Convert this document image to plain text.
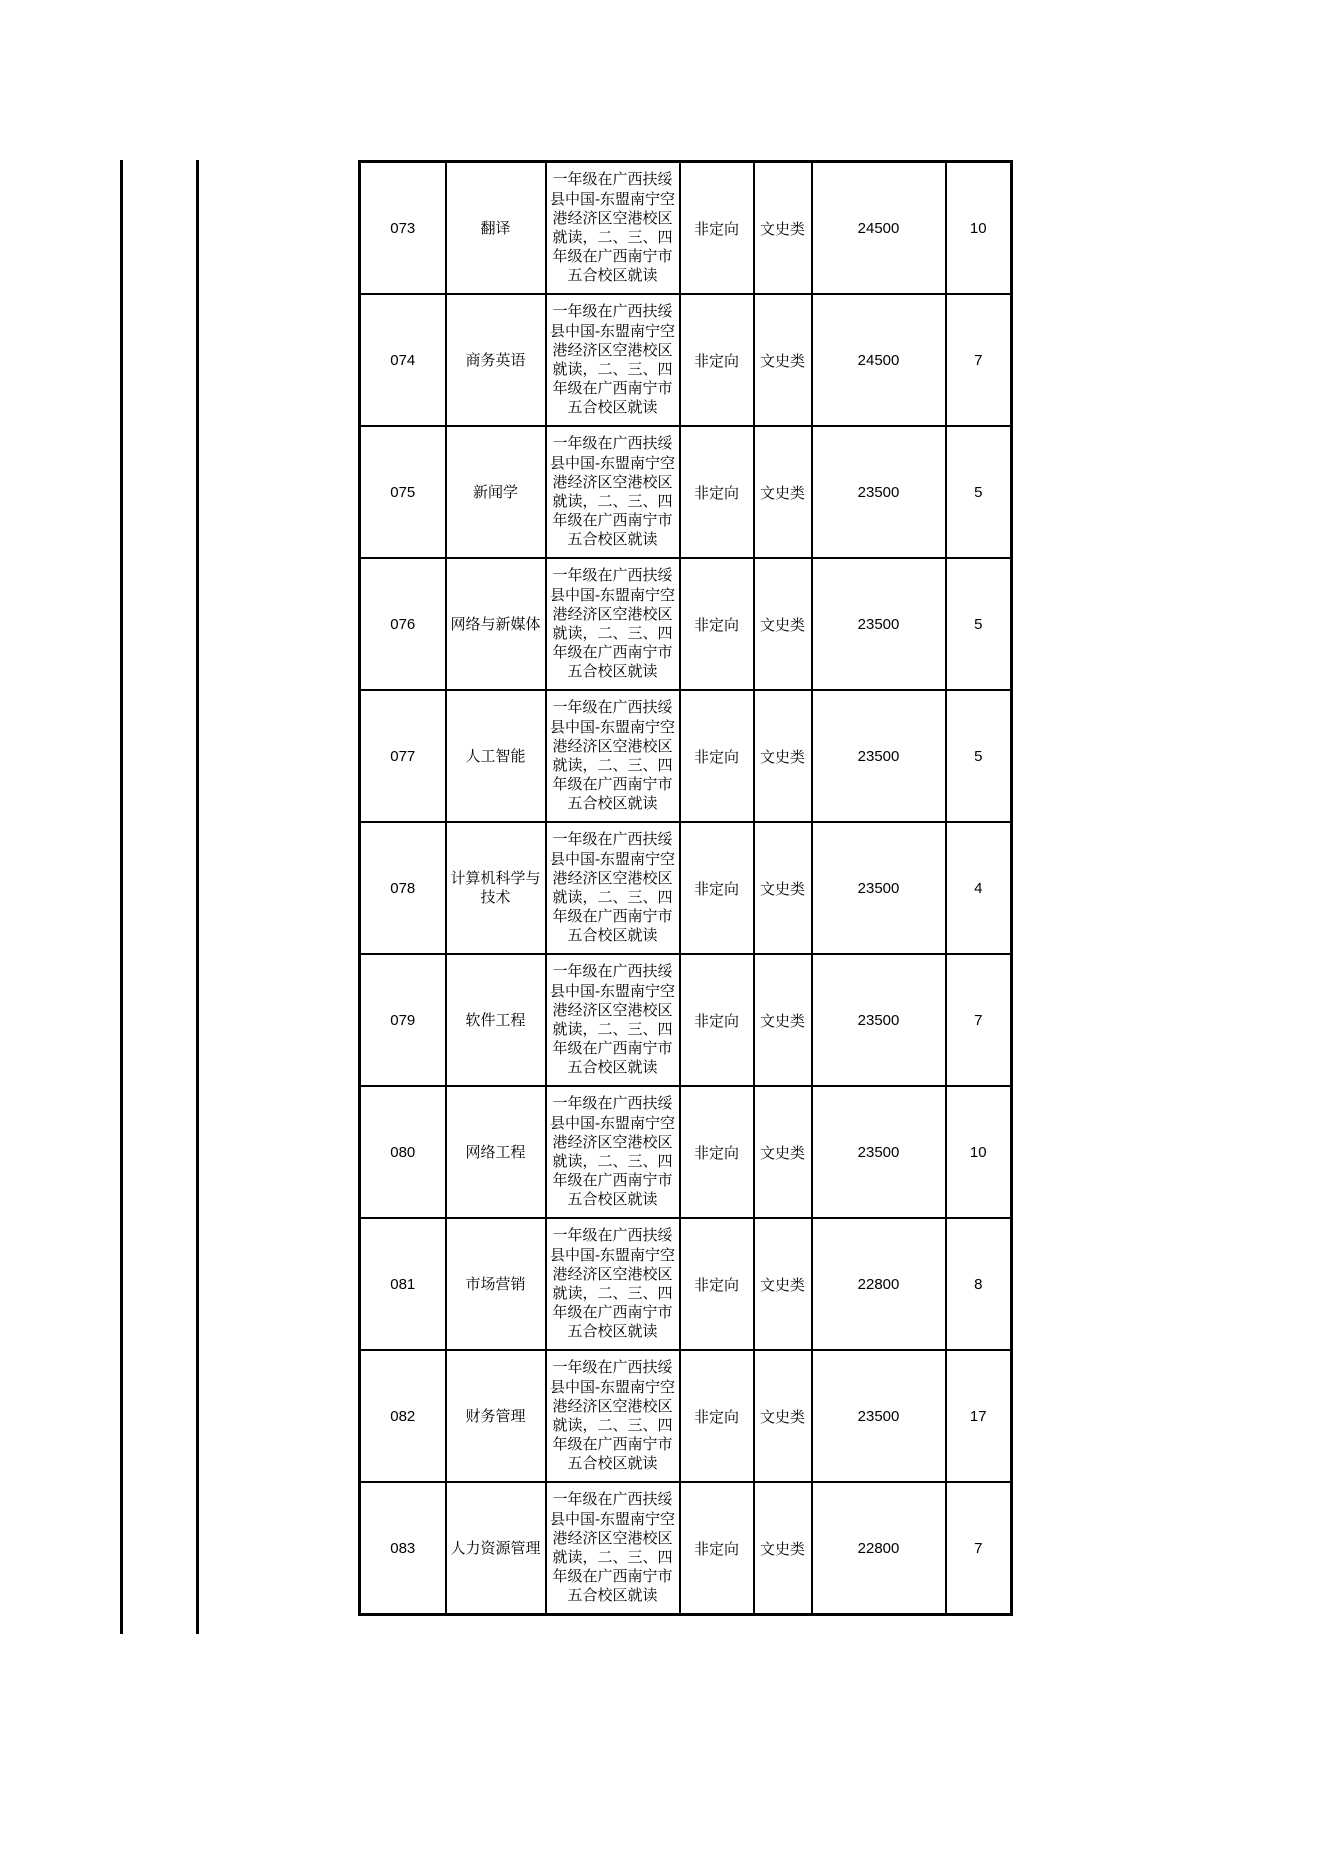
073	翻译	一年级在广西扶绥县中国-东盟南宁空港经济区空港校区就读，二、三、四年级在广西南宁市五合校区就读	非定向	文史类	24500	10
074	商务英语	一年级在广西扶绥县中国-东盟南宁空港经济区空港校区就读，二、三、四年级在广西南宁市五合校区就读	非定向	文史类	24500	7
075	新闻学	一年级在广西扶绥县中国-东盟南宁空港经济区空港校区就读，二、三、四年级在广西南宁市五合校区就读	非定向	文史类	23500	5
076	网络与新媒体	一年级在广西扶绥县中国-东盟南宁空港经济区空港校区就读，二、三、四年级在广西南宁市五合校区就读	非定向	文史类	23500	5
077	人工智能	一年级在广西扶绥县中国-东盟南宁空港经济区空港校区就读，二、三、四年级在广西南宁市五合校区就读	非定向	文史类	23500	5
078	计算机科学与技术	一年级在广西扶绥县中国-东盟南宁空港经济区空港校区就读，二、三、四年级在广西南宁市五合校区就读	非定向	文史类	23500	4
079	软件工程	一年级在广西扶绥县中国-东盟南宁空港经济区空港校区就读，二、三、四年级在广西南宁市五合校区就读	非定向	文史类	23500	7
080	网络工程	一年级在广西扶绥县中国-东盟南宁空港经济区空港校区就读，二、三、四年级在广西南宁市五合校区就读	非定向	文史类	23500	10
081	市场营销	一年级在广西扶绥县中国-东盟南宁空港经济区空港校区就读，二、三、四年级在广西南宁市五合校区就读	非定向	文史类	22800	8
082	财务管理	一年级在广西扶绥县中国-东盟南宁空港经济区空港校区就读，二、三、四年级在广西南宁市五合校区就读	非定向	文史类	23500	17
083	人力资源管理	一年级在广西扶绥县中国-东盟南宁空港经济区空港校区就读，二、三、四年级在广西南宁市五合校区就读	非定向	文史类	22800	7
